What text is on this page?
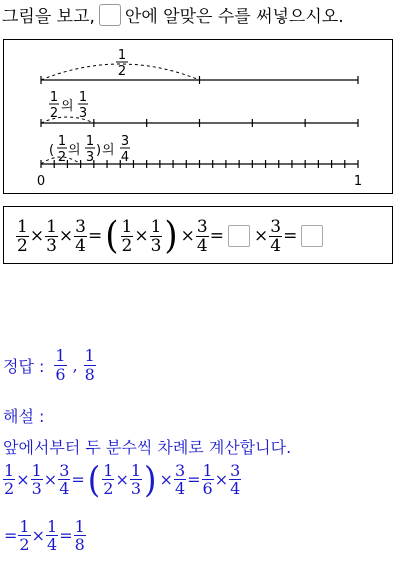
그림을 보고, 안에 알맞은 수를 써넣으시오.
1
2
1
2 의
1
3
(
1
2 의
1
3 ) 의
3
4
0	1
$\frac{1}{2} \times \frac{1}{3} \times \frac{3}{4}$ = ( $\frac{1}{2} \times \frac{1}{3}$ ) × $\frac{3}{4}$ = × $\frac{3}{4}$ =
정답 : $\frac{1}{6}$ , $\frac{1}{8}$
해설 :
앞에서부터 두 분수씩 차례로 계산합니다.
$\frac{1}{2} \times \frac{1}{3} \times \frac{3}{4}$ = ( $\frac{1}{2} \times \frac{1}{3}$ ) × $\frac{3}{4} = \frac{1}{6} \times \frac{3}{4}$
= $\frac{1}{2} \times \frac{1}{4} = \frac{1}{8}$
